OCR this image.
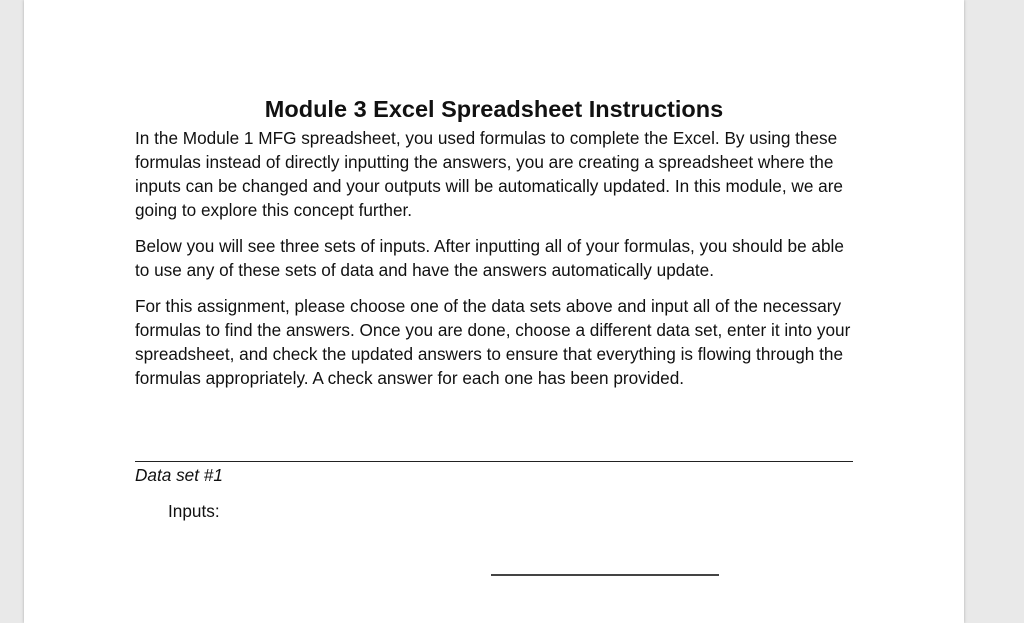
Module 3 Excel Spreadsheet Instructions

In the Module 1 MFG spreadsheet, you used formulas to complete the Excel. By using these formulas instead of directly inputting the answers, you are creating a spreadsheet where the inputs can be changed and your outputs will be automatically updated. In this module, we are going to explore this concept further.

Below you will see three sets of inputs. After inputting all of your formulas, you should be able to use any of these sets of data and have the answers automatically update.

For this assignment, please choose one of the data sets above and input all of the necessary formulas to find the answers. Once you are done, choose a different data set, enter it into your spreadsheet, and check the updated answers to ensure that everything is flowing through the formulas appropriately. A check answer for each one has been provided.

Data set #1

Inputs:
